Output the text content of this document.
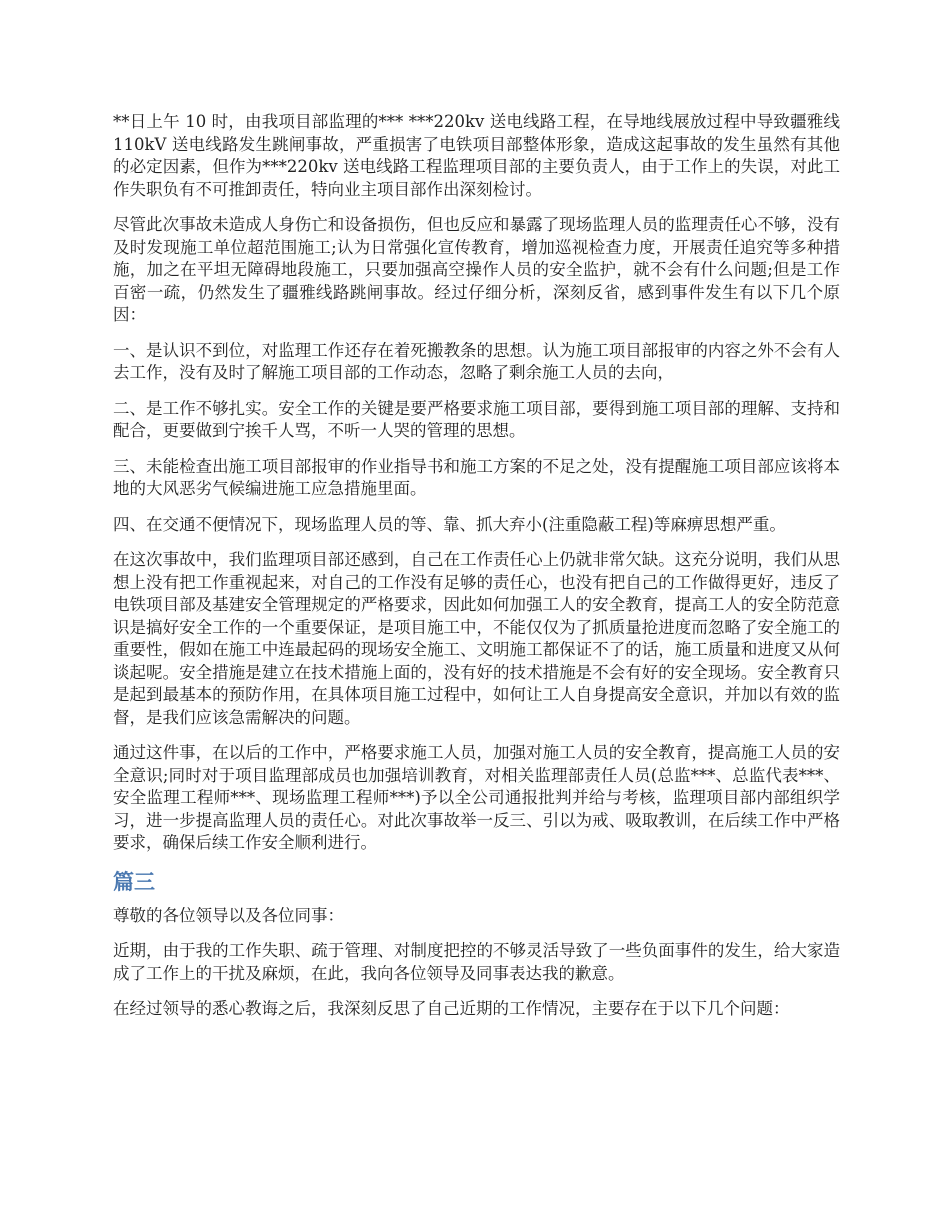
**日上午 10 时，由我项目部监理的*** ***220kv 送电线路工程，在导地线展放过程中导致疆雅线 110kV 送电线路发生跳闸事故，严重损害了电铁项目部整体形象，造成这起事故的发生虽然有其他的必定因素，但作为***220kv 送电线路工程监理项目部的主要负责人，由于工作上的失误，对此工作失职负有不可推卸责任，特向业主项目部作出深刻检讨。

尽管此次事故未造成人身伤亡和设备损伤，但也反应和暴露了现场监理人员的监理责任心不够，没有及时发现施工单位超范围施工;认为日常强化宣传教育，增加巡视检查力度，开展责任追究等多种措施，加之在平坦无障碍地段施工，只要加强高空操作人员的安全监护，就不会有什么问题;但是工作百密一疏，仍然发生了疆雅线路跳闸事故。经过仔细分析，深刻反省，感到事件发生有以下几个原因：

一、是认识不到位，对监理工作还存在着死搬教条的思想。认为施工项目部报审的内容之外不会有人去工作，没有及时了解施工项目部的工作动态，忽略了剩余施工人员的去向，

二、是工作不够扎实。安全工作的关键是要严格要求施工项目部，要得到施工项目部的理解、支持和配合，更要做到宁挨千人骂，不听一人哭的管理的思想。

三、未能检查出施工项目部报审的作业指导书和施工方案的不足之处，没有提醒施工项目部应该将本地的大风恶劣气候编进施工应急措施里面。

四、在交通不便情况下，现场监理人员的等、靠、抓大弃小(注重隐蔽工程)等麻痹思想严重。

在这次事故中，我们监理项目部还感到，自己在工作责任心上仍就非常欠缺。这充分说明，我们从思想上没有把工作重视起来，对自己的工作没有足够的责任心，也没有把自己的工作做得更好，违反了电铁项目部及基建安全管理规定的严格要求，因此如何加强工人的安全教育，提高工人的安全防范意识是搞好安全工作的一个重要保证，是项目施工中，不能仅仅为了抓质量抢进度而忽略了安全施工的重要性，假如在施工中连最起码的现场安全施工、文明施工都保证不了的话，施工质量和进度又从何谈起呢。安全措施是建立在技术措施上面的，没有好的技术措施是不会有好的安全现场。安全教育只是起到最基本的预防作用，在具体项目施工过程中，如何让工人自身提高安全意识，并加以有效的监督，是我们应该急需解决的问题。

通过这件事，在以后的工作中，严格要求施工人员，加强对施工人员的安全教育，提高施工人员的安全意识;同时对于项目监理部成员也加强培训教育，对相关监理部责任人员(总监***、总监代表***、安全监理工程师***、现场监理工程师***)予以全公司通报批判并给与考核，监理项目部内部组织学习，进一步提高监理人员的责任心。对此次事故举一反三、引以为戒、吸取教训，在后续工作中严格要求，确保后续工作安全顺利进行。

篇三

尊敬的各位领导以及各位同事：

近期，由于我的工作失职、疏于管理、对制度把控的不够灵活导致了一些负面事件的发生，给大家造成了工作上的干扰及麻烦，在此，我向各位领导及同事表达我的歉意。

在经过领导的悉心教诲之后，我深刻反思了自己近期的工作情况，主要存在于以下几个问题：
